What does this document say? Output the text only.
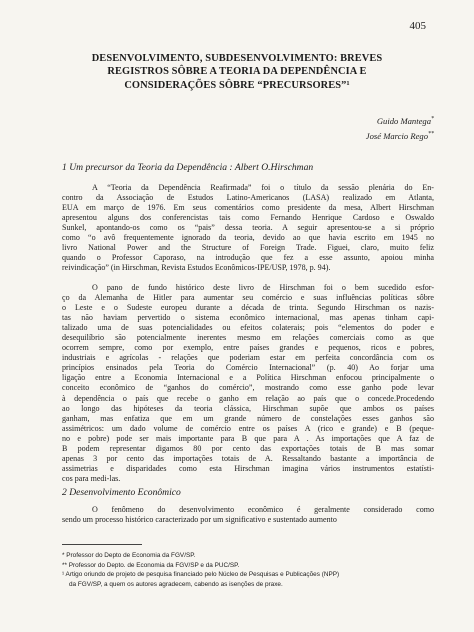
405
DESENVOLVIMENTO, SUBDESENVOLVIMENTO: BREVES
REGISTROS SÔBRE A TEORIA DA DEPENDÊNCIA E
CONSIDERAÇÕES SÔBRE “PRECURSORES”¹
Guido Mantega*
José Marcio Rego**
1 Um precursor da Teoria da Dependência : Albert O.Hirschman
A “Teoria da Dependência Reafirmada” foi o título da sessão plenária do En-
contro da Associação de Estudos Latino-Americanos (LASA) realizado em Atlanta,
EUA em março de 1976. Em seus comentários como presidente da mesa, Albert Hirschman
apresentou alguns dos conferencistas tais como Fernando Henrique Cardoso e Oswaldo
Sunkel, apontando-os como os “pais” dessa teoria. A seguir apresentou-se a si próprio
como “o avô frequentemente ignorado da teoria, devido ao que havia escrito em 1945 no
livro National Power and the Structure of Foreign Trade. Figuei, claro, muito feliz
quando o Professor Caporaso, na introdução que fez a esse assunto, apoiou minha
reivindicação” (in Hirschman, Revista Estudos Econômicos-IPE/USP, 1978, p. 94).
O pano de fundo histórico deste livro de Hirschman foi o bem sucedido esfor-
ço da Alemanha de Hitler para aumentar seu comércio e suas influências políticas sôbre
o Leste e o Sudeste europeu durante a década de trinta. Segundo Hirschman os nazis-
tas não haviam pervertido o sistema econômico internacional, mas apenas tinham capi-
talizado uma de suas potencialidades ou efeitos colaterais; pois “elementos do poder e
desequilíbrio são potencialmente inerentes mesmo em relações comerciais como as que
ocorrem sempre, como por exemplo, entre países grandes e pequenos, ricos e pobres,
industriais e agrícolas - relações que poderiam estar em perfeita concordância com os
princípios ensinados pela Teoria do Comércio Internacional” (p. 40) Ao forjar uma
ligação entre a Economia Internacional e a Política Hirschman enfocou principalmente o
conceito econômico de “ganhos do comércio”, mostrando como esse ganho pode levar
à dependência o país que recebe o ganho em relação ao país que o concede.Procedendo
ao longo das hipóteses da teoria clássica, Hirschman supõe que ambos os países
ganham, mas enfatiza que em um grande número de constelações esses ganhos são
assimétricos: um dado volume de comércio entre os países A (rico e grande) e B (peque-
no e pobre) pode ser mais importante para B que para A . As importações que A faz de
B podem representar digamos 80 por cento das exportações totais de B mas somar
apenas 3 por cento das importações totais de A. Ressaltando bastante a importância de
assimetrias e disparidades como esta Hirschman imagina vários instrumentos estatísti-
cos para medi-las.
2 Desenvolvimento Econômico
O fenômeno do desenvolvimento econômico é geralmente considerado como
sendo um processo histórico caracterizado por um significativo e sustentado aumento
* Professor do Depto de Economia da FGV/SP.
** Professor do Depto. de Economia da FGV/SP e da PUC/SP.
¹ Artigo oriundo de projeto de pesquisa financiado pelo Núcleo de Pesquisas e Publicações (NPP)
da FGV/SP, a quem os autores agradecem, cabendo as isenções de praxe.
